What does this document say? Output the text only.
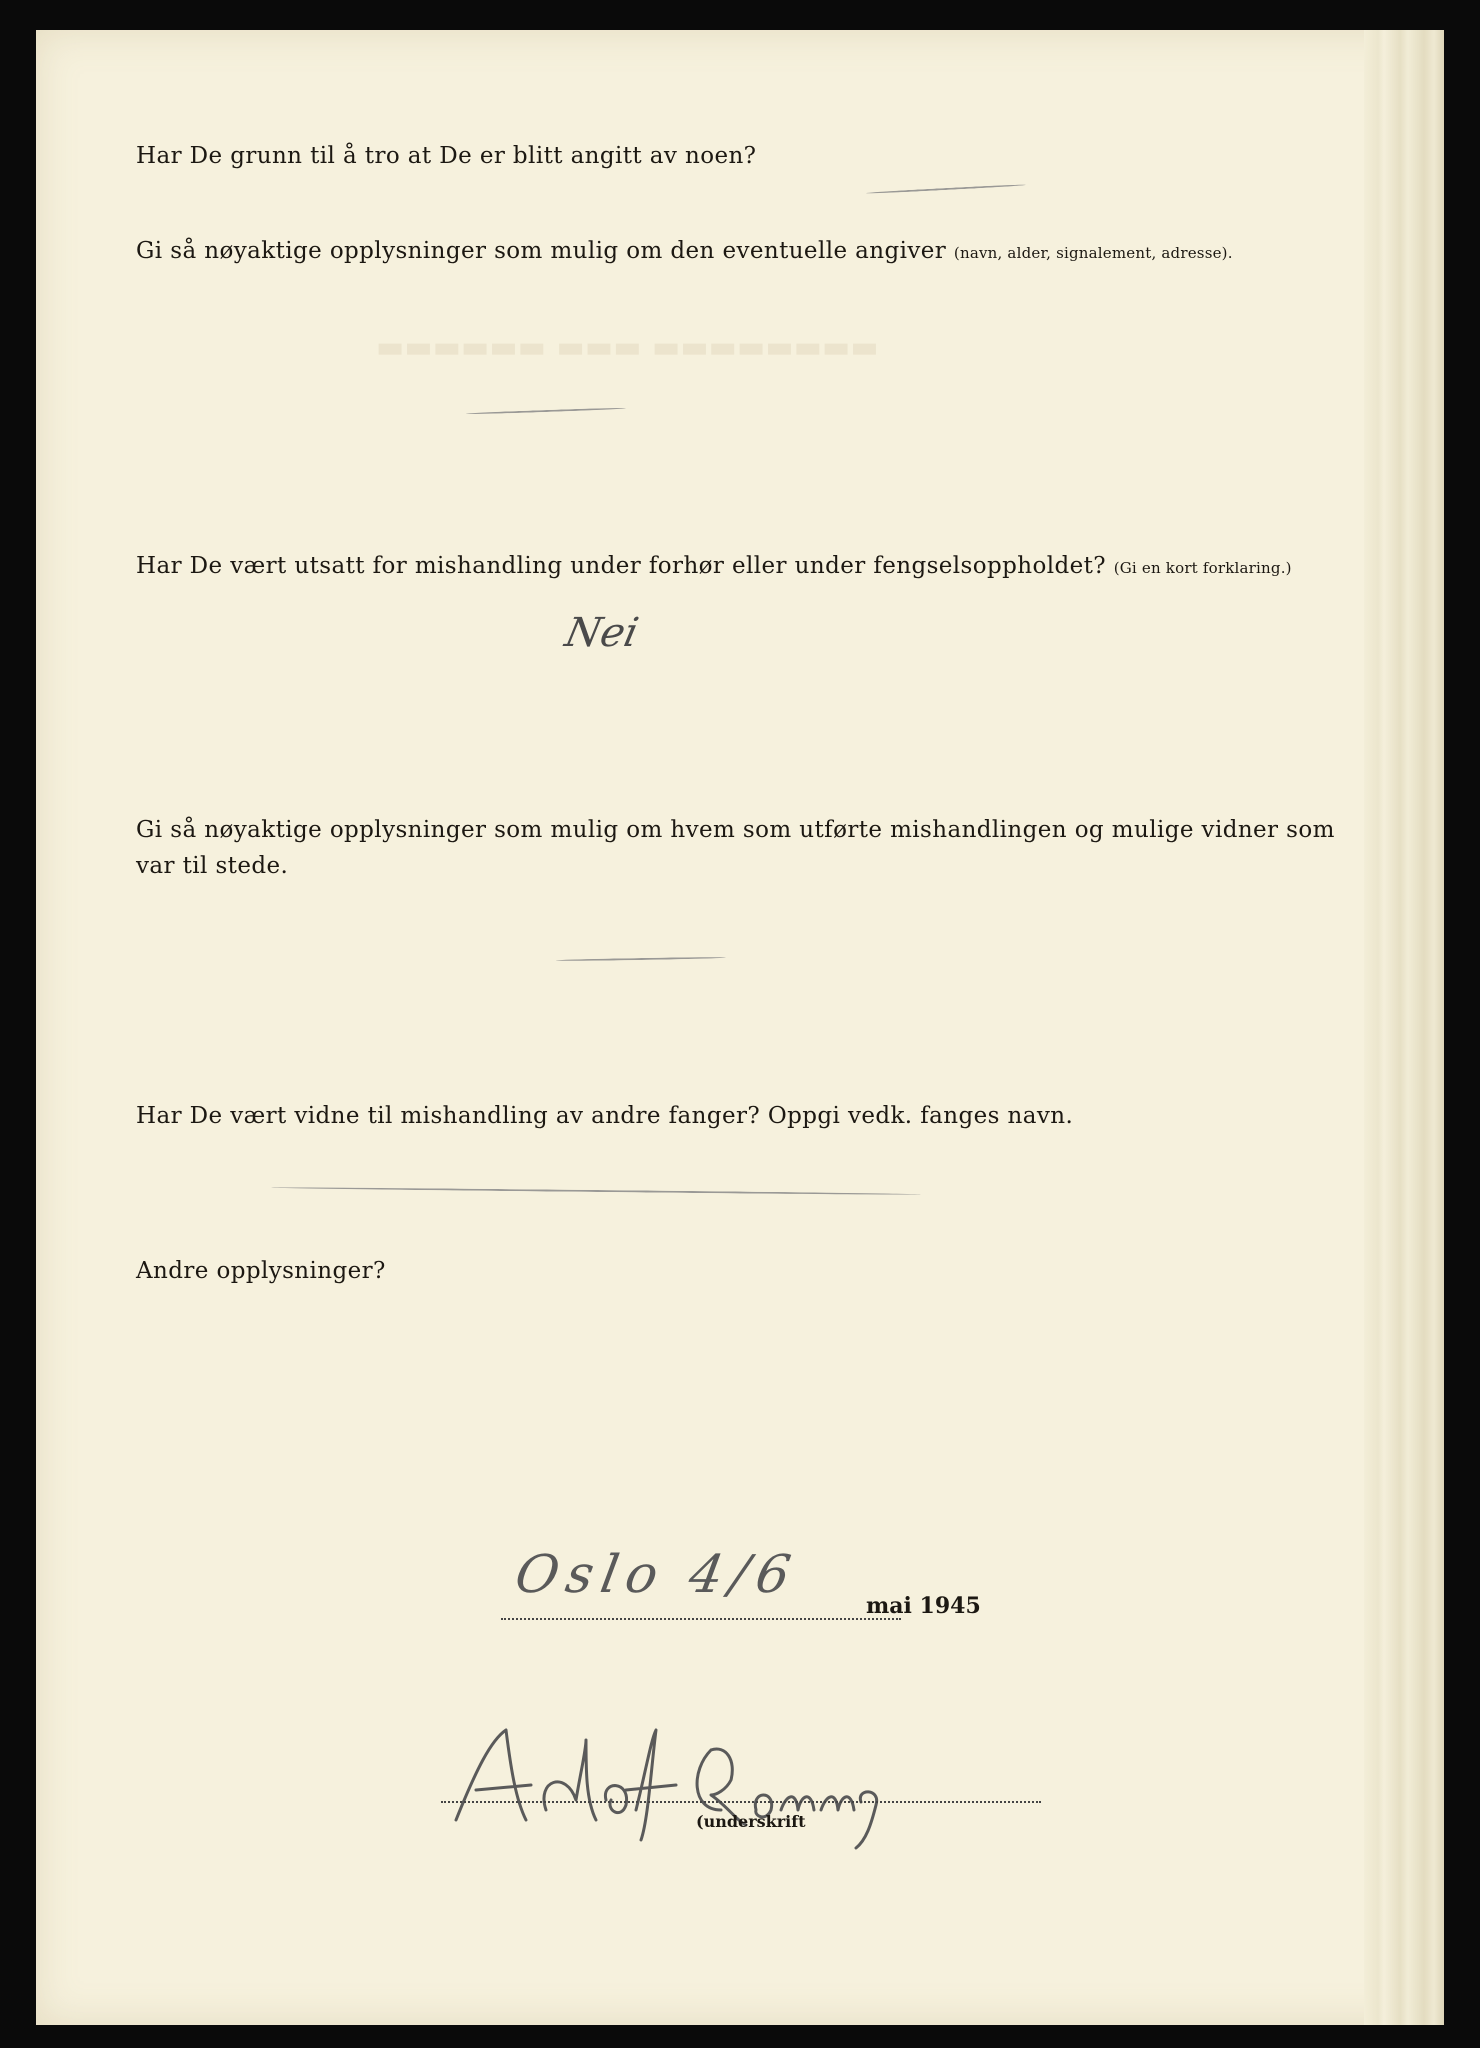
▬▬▬▬▬▬ ▬▬▬ ▬▬▬▬▬▬▬▬
Har De grunn til å tro at De er blitt angitt av noen?
Gi så nøyaktige opplysninger som mulig om den eventuelle angiver (navn, alder, signalement, adresse).
Har De vært utsatt for mishandling under forhør eller under fengselsoppholdet? (Gi en kort forklaring.)
Nei
Gi så nøyaktige opplysninger som mulig om hvem som utførte mishandlingen og mulige vidner som var til stede.
Har De vært vidne til mishandling av andre fanger? Oppgi vedk. fanges navn.
Andre opplysninger?
Oslo 4/6
mai 1945
(underskrift
